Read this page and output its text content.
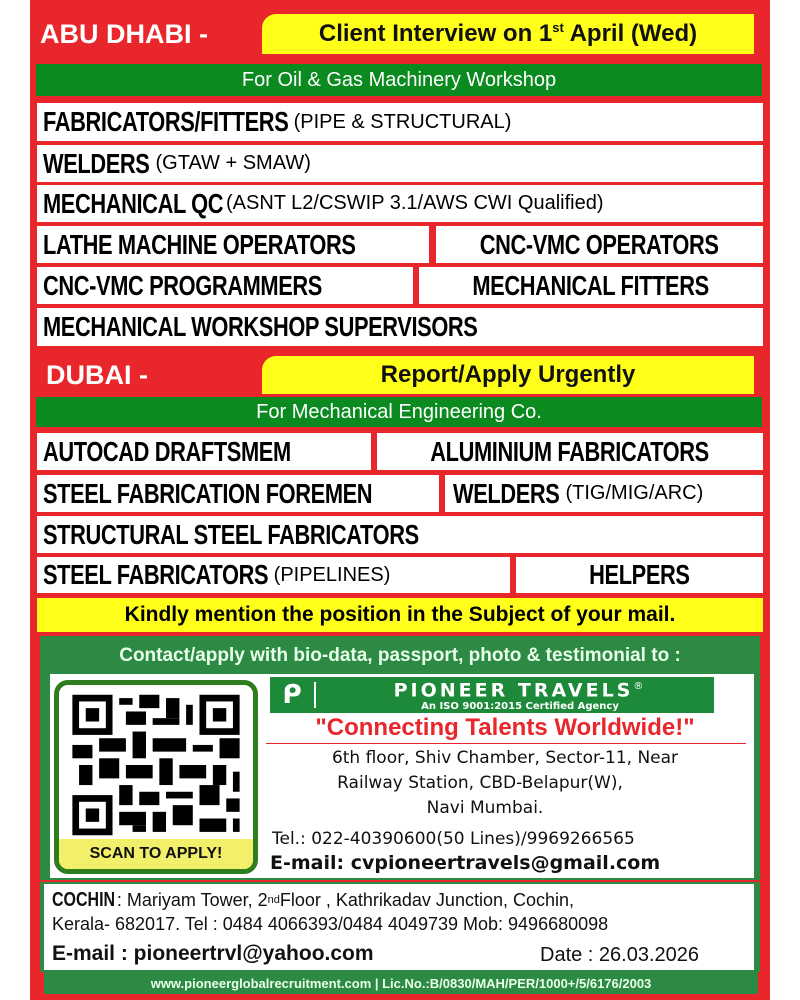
ABU DHABI -	Client Interview on 1st April (Wed)
For Oil & Gas Machinery Workshop
FABRICATORS/FITTERS (PIPE & STRUCTURAL)
WELDERS (GTAW + SMAW)
MECHANICAL QC (ASNT L2/CSWIP 3.1/AWS CWI Qualified)
LATHE MACHINE OPERATORS	CNC-VMC OPERATORS
CNC-VMC PROGRAMMERS	MECHANICAL FITTERS
MECHANICAL WORKSHOP SUPERVISORS
DUBAI -	Report/Apply Urgently
For Mechanical Engineering Co.
AUTOCAD DRAFTSMEM	ALUMINIUM FABRICATORS
STEEL FABRICATION FOREMEN	WELDERS (TIG/MIG/ARC)
STRUCTURAL STEEL FABRICATORS
STEEL FABRICATORS (PIPELINES)	HELPERS
Kindly mention the position in the Subject of your mail.
Contact/apply with bio-data, passport, photo & testimonial to :
SCAN TO APPLY!
ᑭ	PIONEER TRAVELS®
An ISO 9001:2015 Certified Agency
"Connecting Talents Worldwide!"
6th floor, Shiv Chamber, Sector-11, Near
Railway Station, CBD-Belapur(W),
Navi Mumbai.
Tel.: 022-40390600(50 Lines)/9969266565
E-mail: cvpioneertravels@gmail.com
COCHIN : Mariyam Tower, 2 nd Floor , Kathrikadav Junction, Cochin,
Kerala- 682017. Tel : 0484 4066393/0484 4049739 Mob: 9496680098
E-mail : pioneertrvl@yahoo.com	Date : 26.03.2026
www.pioneerglobalrecruitment.com | Lic.No.:B/0830/MAH/PER/1000+/5/6176/2003
